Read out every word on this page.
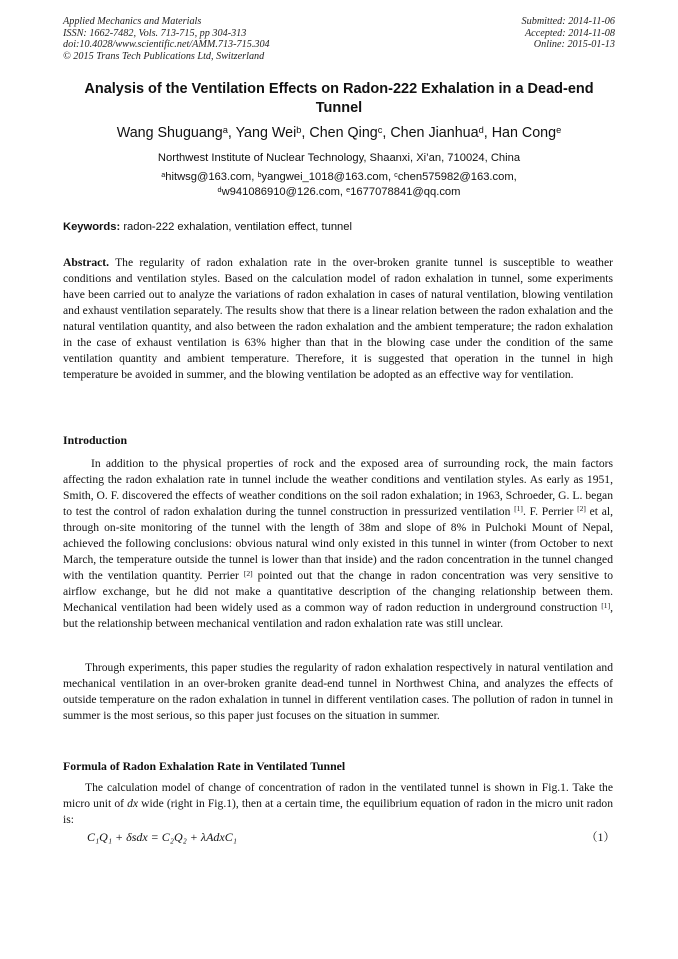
Applied Mechanics and Materials
ISSN: 1662-7482, Vols. 713-715, pp 304-313
doi:10.4028/www.scientific.net/AMM.713-715.304
© 2015 Trans Tech Publications Ltd, Switzerland
Submitted: 2014-11-06
Accepted: 2014-11-08
Online: 2015-01-13
Analysis of the Ventilation Effects on Radon-222 Exhalation in a Dead-end Tunnel
Wang Shuguang$^a$, Yang Wei$^b$, Chen Qing$^c$, Chen Jianhua$^d$, Han Cong$^e$
Northwest Institute of Nuclear Technology, Shaanxi, Xi’an, 710024, China
$^a$hitwsg@163.com, $^b$yangwei_1018@163.com, $^c$chen575982@163.com,
$^d$w941086910@126.com, $^e$1677078841@qq.com
Keywords: radon-222 exhalation, ventilation effect, tunnel
Abstract. The regularity of radon exhalation rate in the over-broken granite tunnel is susceptible to weather conditions and ventilation styles. Based on the calculation model of radon exhalation in tunnel, some experiments have been carried out to analyze the variations of radon exhalation in cases of natural ventilation, blowing ventilation and exhaust ventilation separately. The results show that there is a linear relation between the radon exhalation and the natural ventilation quantity, and also between the radon exhalation and the ambient temperature; the radon exhalation in the case of exhaust ventilation is 63% higher than that in the blowing case under the condition of the same ventilation quantity and ambient temperature. Therefore, it is suggested that operation in the tunnel in high temperature be avoided in summer, and the blowing ventilation be adopted as an effective way for ventilation.
Introduction
In addition to the physical properties of rock and the exposed area of surrounding rock, the main factors affecting the radon exhalation rate in tunnel include the weather conditions and ventilation styles. As early as 1951, Smith, O. F. discovered the effects of weather conditions on the soil radon exhalation; in 1963, Schroeder, G. L. began to test the control of radon exhalation during the tunnel construction in pressurized ventilation [1]. F. Perrier [2] et al, through on-site monitoring of the tunnel with the length of 38m and slope of 8% in Pulchoki Mount of Nepal, achieved the following conclusions: obvious natural wind only existed in this tunnel in winter (from October to next March, the temperature outside the tunnel is lower than that inside) and the radon concentration in the tunnel changed with the ventilation quantity. Perrier [2] pointed out that the change in radon concentration was very sensitive to airflow exchange, but he did not make a quantitative description of the changing relationship between them. Mechanical ventilation had been widely used as a common way of radon reduction in underground construction [1], but the relationship between mechanical ventilation and radon exhalation rate was still unclear.
Through experiments, this paper studies the regularity of radon exhalation respectively in natural ventilation and mechanical ventilation in an over-broken granite dead-end tunnel in Northwest China, and analyzes the effects of outside temperature on the radon exhalation in tunnel in different ventilation cases. The pollution of radon in tunnel in summer is the most serious, so this paper just focuses on the situation in summer.
Formula of Radon Exhalation Rate in Ventilated Tunnel
The calculation model of change of concentration of radon in the ventilated tunnel is shown in Fig.1. Take the micro unit of dx wide (right in Fig.1), then at a certain time, the equilibrium equation of radon in the micro unit radon is:
C₁Q₁ + δsdx = C₂Q₂ + λAdxC₁	（1）
